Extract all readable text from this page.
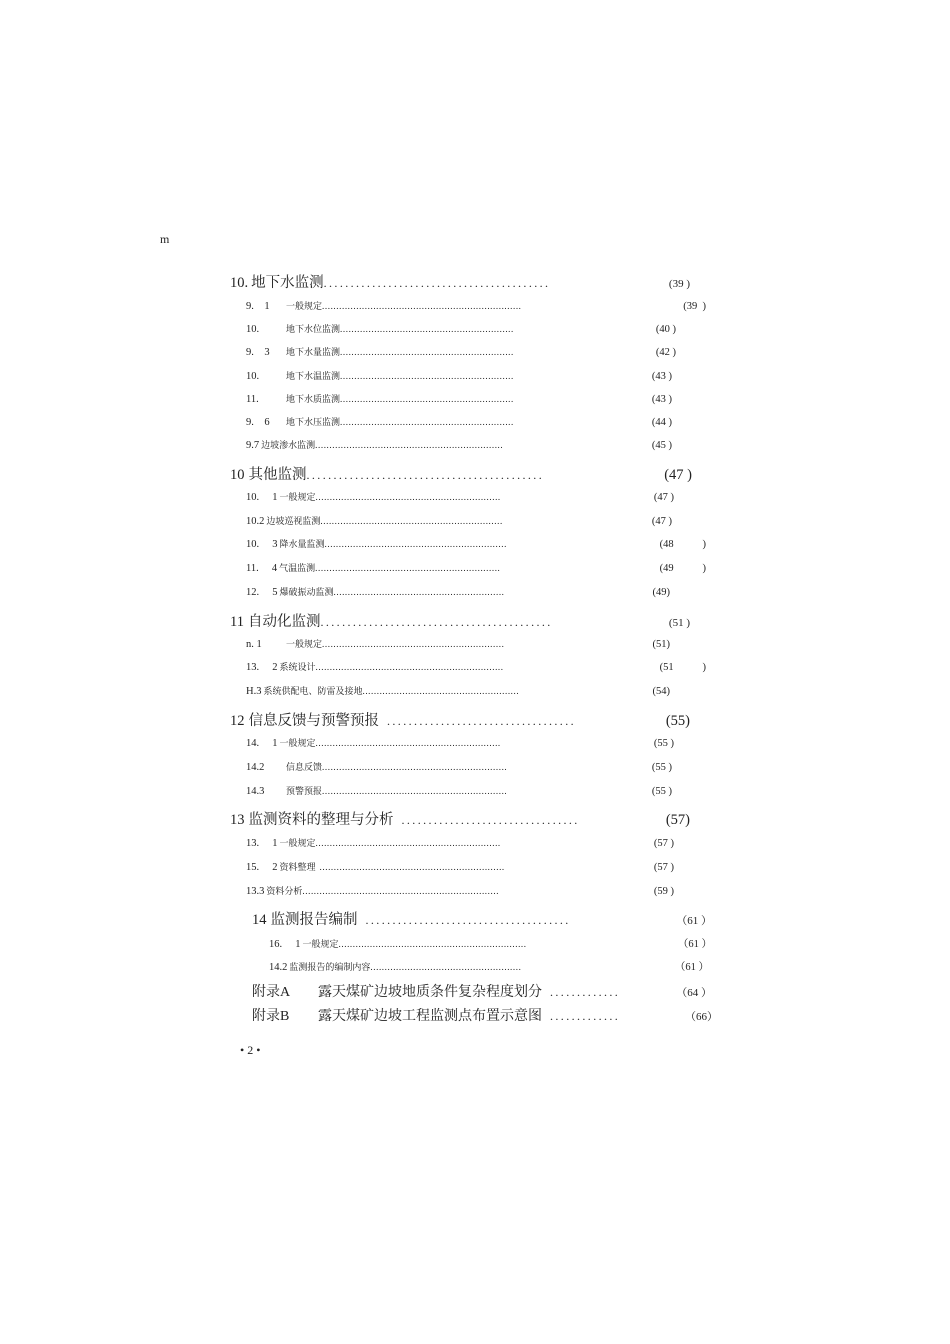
m
10. 地下水监测 ..........................................	(39 )
9.    1	一般规定 ......................................................................	(39  )
10.	地下水位监测 .............................................................	(40 )
9.    3	地下水量监测 .............................................................	(42 )
10.	地下水温监测 .............................................................	(43 )
11.	地下水质监测 .............................................................	(43 )
9.    6	地下水压监测 .............................................................	(44 )
9.7 边坡渗水监测 ..................................................................	(45 )
10 其他监测 ............................................	(47 )
10.     1 一般规定 .................................................................	(47 )
10.2 边坡巡视监测 ................................................................	(47 )
10.     3 降水量监测 ................................................................	(48           )
11.     4 气温监测 .................................................................	(49           )
12.     5 爆破振动监测 ............................................................	(49)
11 自动化监测 ...........................................	(51 )
n. 1	一般规定 ................................................................	(51)
13.     2 系统设计 ..................................................................	(51           )
H.3 系统供配电、防雷及接地 .......................................................	(54)
12 信息反馈与预警预报 ...................................	(55)
14.     1 一般规定 .................................................................	(55 )
14.2	信息反馈 .................................................................	(55 )
14.3	预警预报 .................................................................	(55 )
13 监测资料的整理与分析 .................................	(57)
13.     1 一般规定 .................................................................	(57 )
15.     2 资料整理 .................................................................	(57 )
13.3 资料分析 .....................................................................	(59 )
14 监测报告编制 ......................................	（61 ）
16.     1 一般规定 ..................................................................	（61 ）
14.2 监测报告的编制内容 .....................................................	（61 ）
附录A	露天煤矿边坡地质条件复杂程度划分 .............	（64 ）
附录B	露天煤矿边坡工程监测点布置示意图 .............	（66）
• 2 •
